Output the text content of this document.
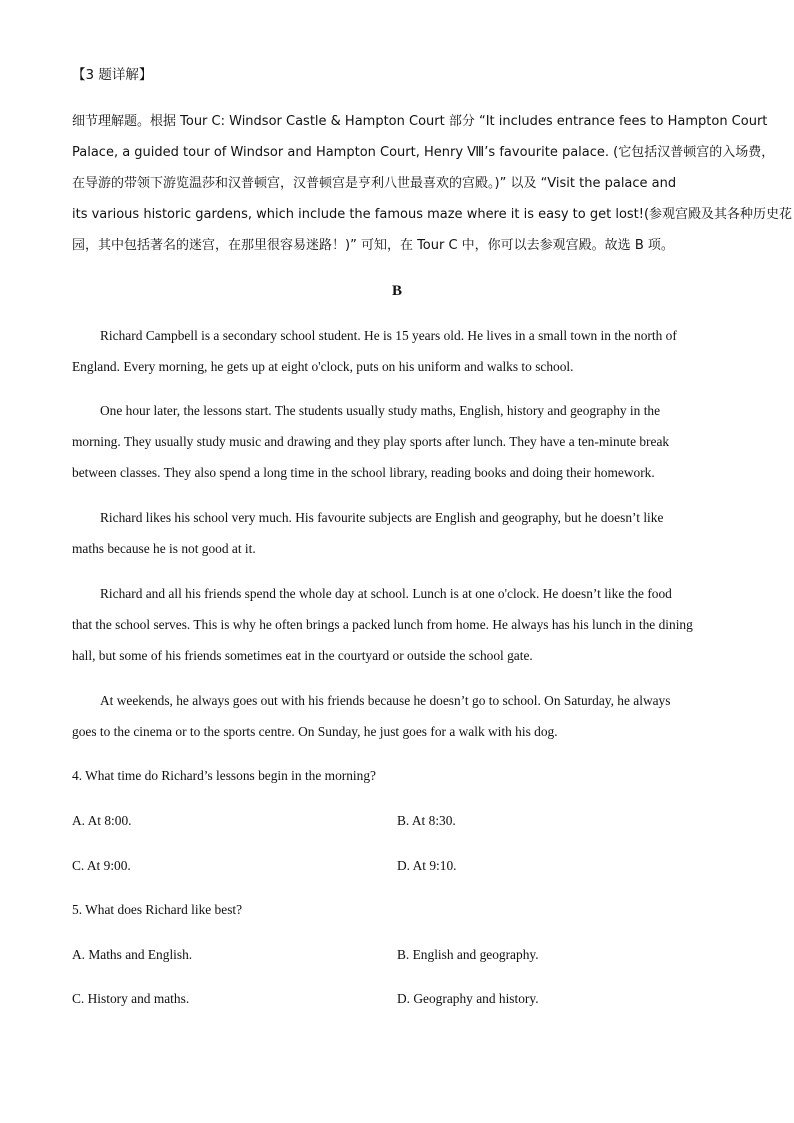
【3 题详解】
细节理解题。根据 Tour C: Windsor Castle & Hampton Court 部分 “It includes entrance fees to Hampton Court
Palace, a guided tour of Windsor and Hampton Court, Henry Ⅷ’s favourite palace. (它包括汉普顿宫的入场费，
在导游的带领下游览温莎和汉普顿宫，汉普顿宫是亨利八世最喜欢的宫殿。)” 以及 “Visit the palace and
its various historic gardens, which include the famous maze where it is easy to get lost!(参观宫殿及其各种历史花
园，其中包括著名的迷宫，在那里很容易迷路！)” 可知，在 Tour C 中，你可以去参观宫殿。故选 B 项。
B
Richard Campbell is a secondary school student. He is 15 years old. He lives in a small town in the north of
England. Every morning, he gets up at eight o'clock, puts on his uniform and walks to school.
One hour later, the lessons start. The students usually study maths, English, history and geography in the
morning. They usually study music and drawing and they play sports after lunch. They have a ten-minute break
between classes. They also spend a long time in the school library, reading books and doing their homework.
Richard likes his school very much. His favourite subjects are English and geography, but he doesn’t like
maths because he is not good at it.
Richard and all his friends spend the whole day at school. Lunch is at one o'clock. He doesn’t like the food
that the school serves. This is why he often brings a packed lunch from home. He always has his lunch in the dining
hall, but some of his friends sometimes eat in the courtyard or outside the school gate.
At weekends, he always goes out with his friends because he doesn’t go to school. On Saturday, he always
goes to the cinema or to the sports centre. On Sunday, he just goes for a walk with his dog.
4. What time do Richard’s lessons begin in the morning?
A. At 8:00.	B. At 8:30.
C. At 9:00.	D. At 9:10.
5. What does Richard like best?
A. Maths and English.	B. English and geography.
C. History and maths.	D. Geography and history.
